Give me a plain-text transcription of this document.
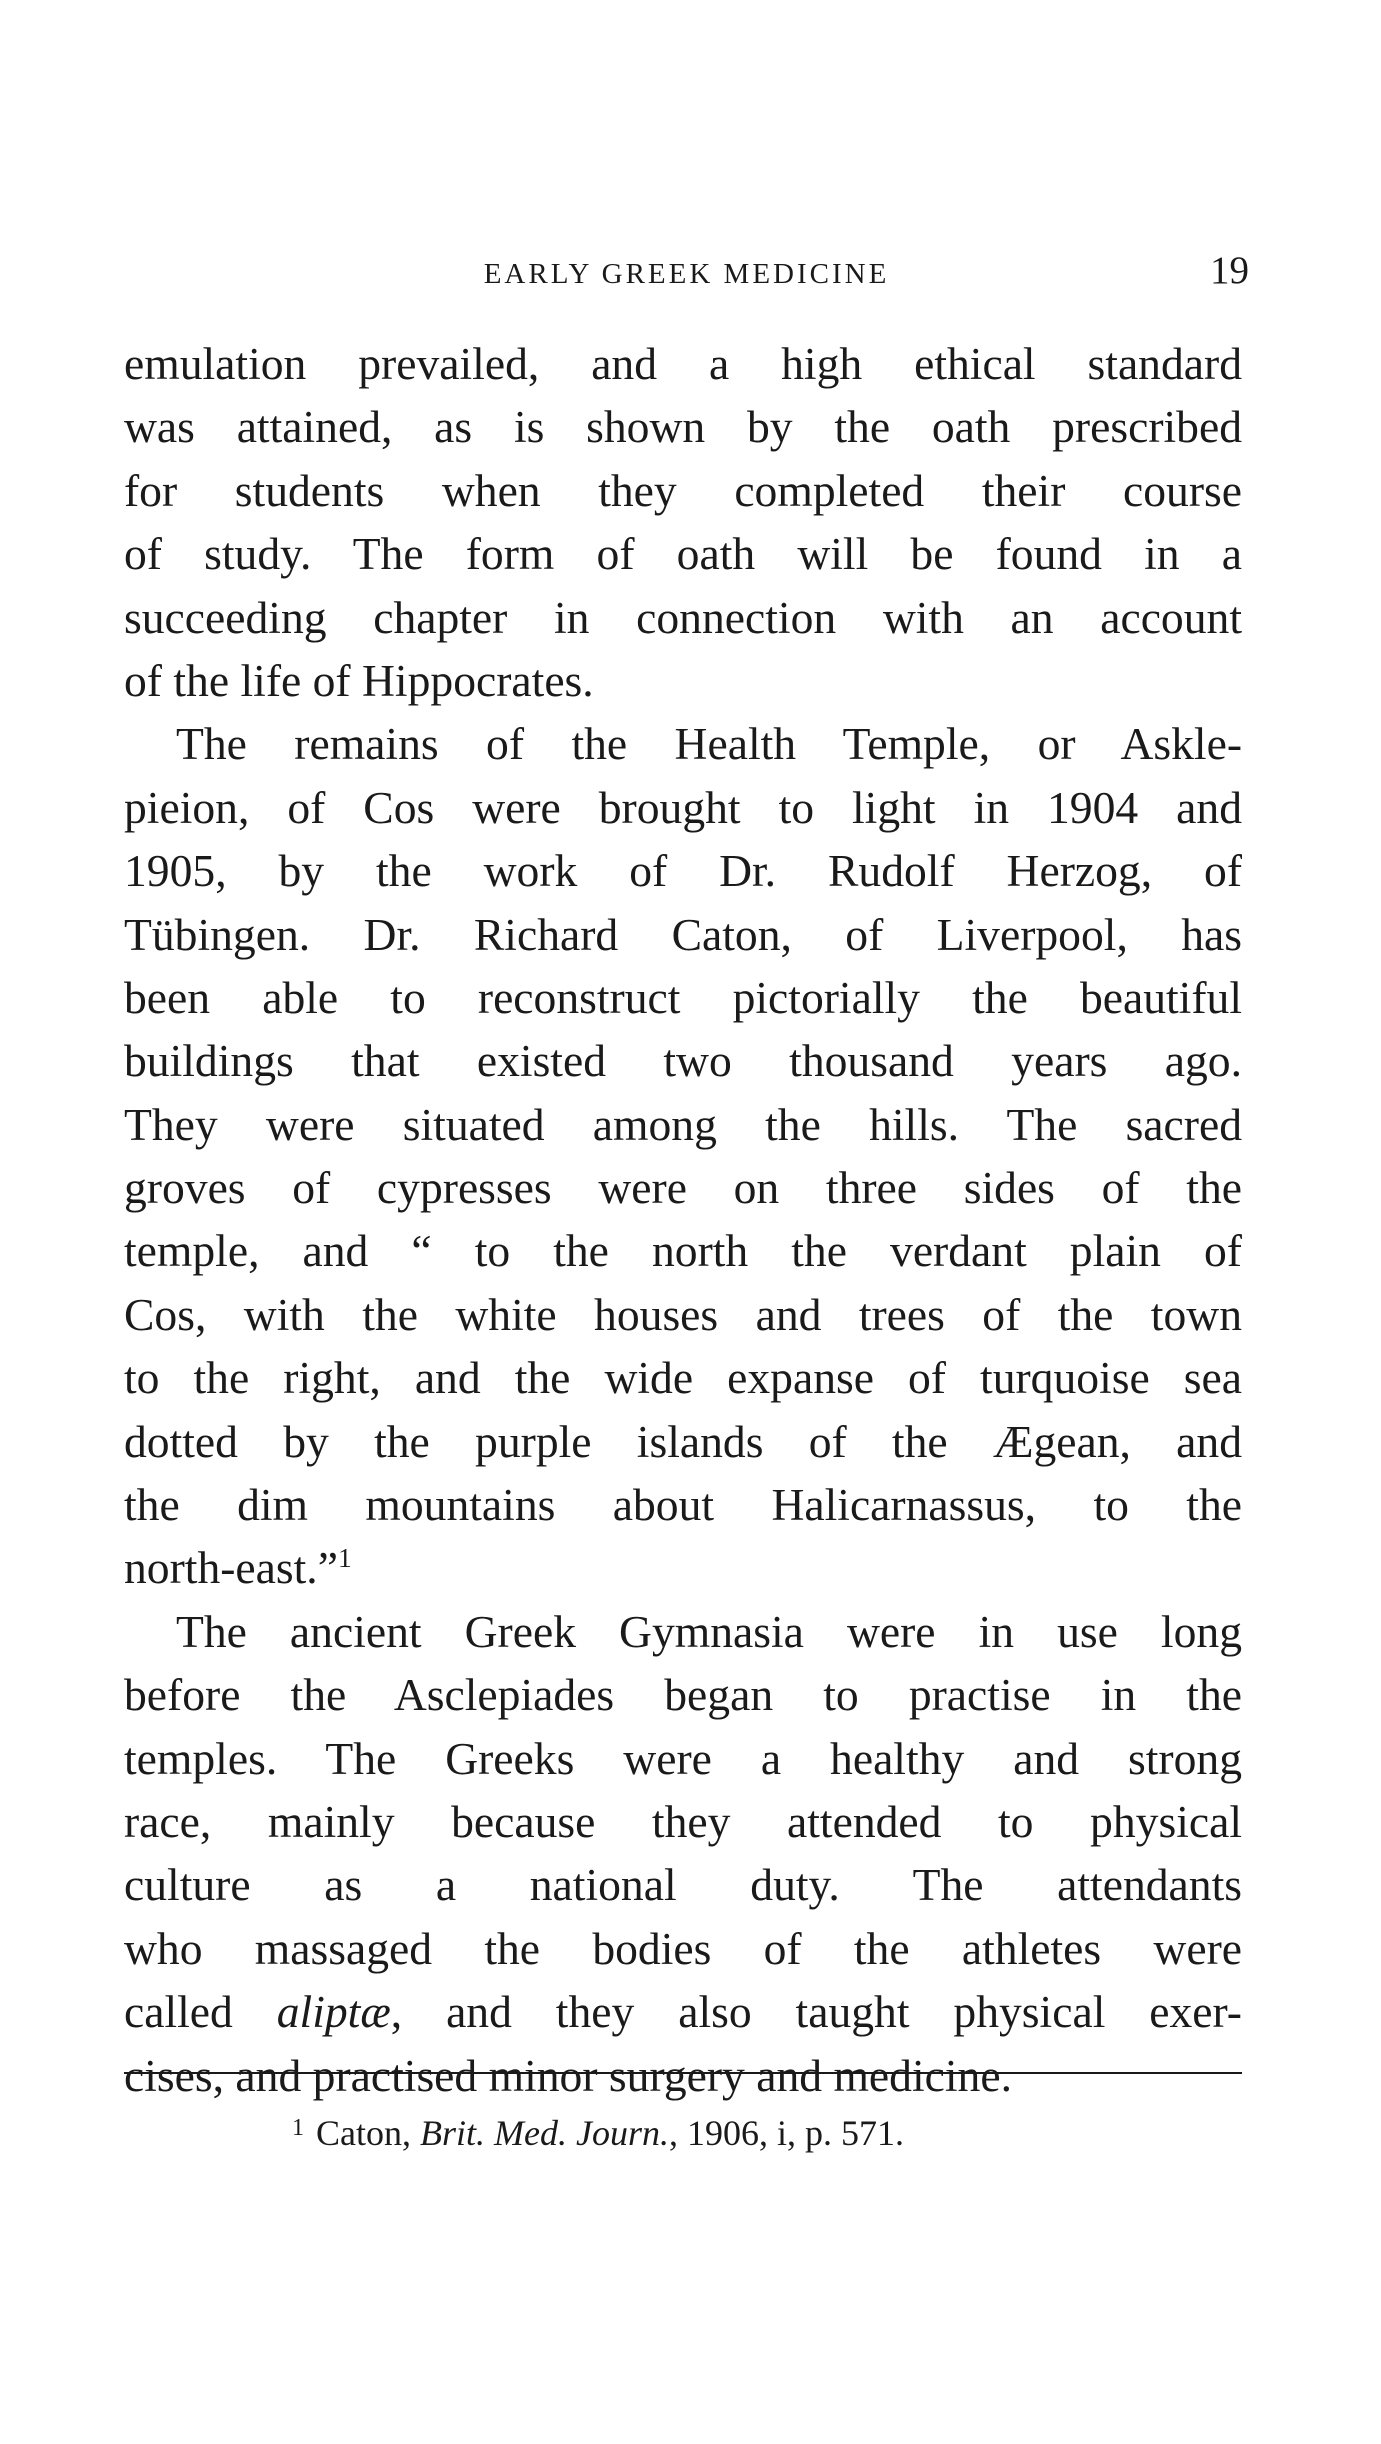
EARLY GREEK MEDICINE	19
emulation prevailed, and a high ethical standard
was attained, as is shown by the oath prescribed
for students when they completed their course
of study. The form of oath will be found in a
succeeding chapter in connection with an account
of the life of Hippocrates.
The remains of the Health Temple, or Askle-
pieion, of Cos were brought to light in 1904 and
1905, by the work of Dr. Rudolf Herzog, of
Tübingen. Dr. Richard Caton, of Liverpool, has
been able to reconstruct pictorially the beautiful
buildings that existed two thousand years ago.
They were situated among the hills. The sacred
groves of cypresses were on three sides of the
temple, and “ to the north the verdant plain of
Cos, with the white houses and trees of the town
to the right, and the wide expanse of turquoise sea
dotted by the purple islands of the Ægean, and
the dim mountains about Halicarnassus, to the
north-east.”$^1$
The ancient Greek Gymnasia were in use long
before the Asclepiades began to practise in the
temples. The Greeks were a healthy and strong
race, mainly because they attended to physical
culture as a national duty. The attendants
who massaged the bodies of the athletes were
called aliptæ, and they also taught physical exer-
cises, and practised minor surgery and medicine.
$^1$ Caton, Brit. Med. Journ., 1906, i, p. 571.
